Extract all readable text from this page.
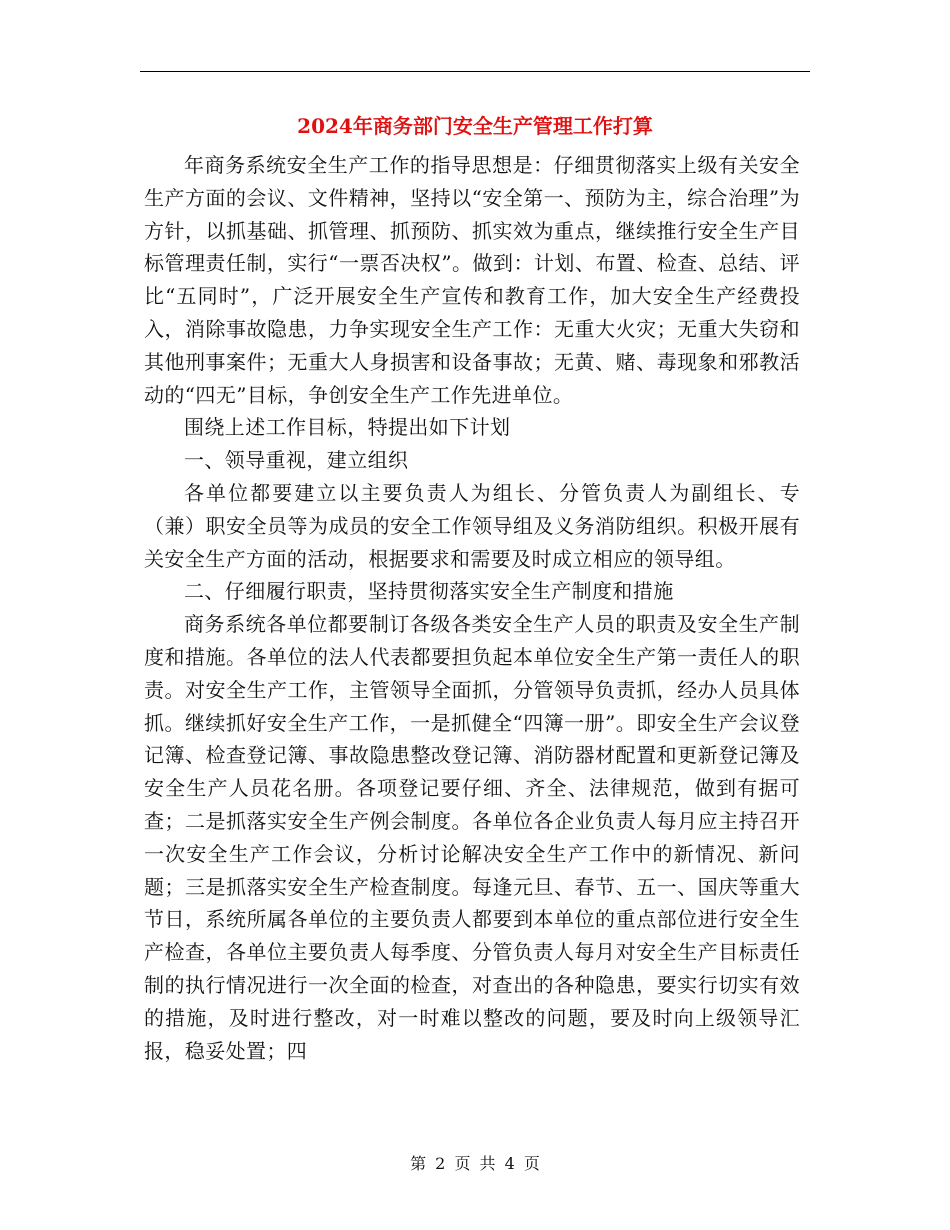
2024年商务部门安全生产管理工作打算

年商务系统安全生产工作的指导思想是：仔细贯彻落实上级有关安全生产方面的会议、文件精神，坚持以“安全第一、预防为主，综合治理”为方针，以抓基础、抓管理、抓预防、抓实效为重点，继续推行安全生产目标管理责任制，实行“一票否决权”。做到：计划、布置、检查、总结、评比“五同时”，广泛开展安全生产宣传和教育工作，加大安全生产经费投入，消除事故隐患，力争实现安全生产工作：无重大火灾；无重大失窃和其他刑事案件；无重大人身损害和设备事故；无黄、赌、毒现象和邪教活动的“四无”目标，争创安全生产工作先进单位。

围绕上述工作目标，特提出如下计划

一、领导重视，建立组织

各单位都要建立以主要负责人为组长、分管负责人为副组长、专（兼）职安全员等为成员的安全工作领导组及义务消防组织。积极开展有关安全生产方面的活动，根据要求和需要及时成立相应的领导组。

二、仔细履行职责，坚持贯彻落实安全生产制度和措施

商务系统各单位都要制订各级各类安全生产人员的职责及安全生产制度和措施。各单位的法人代表都要担负起本单位安全生产第一责任人的职责。对安全生产工作，主管领导全面抓，分管领导负责抓，经办人员具体抓。继续抓好安全生产工作，一是抓健全“四簿一册”。即安全生产会议登记簿、检查登记簿、事故隐患整改登记簿、消防器材配置和更新登记簿及安全生产人员花名册。各项登记要仔细、齐全、法律规范，做到有据可查；二是抓落实安全生产例会制度。各单位各企业负责人每月应主持召开一次安全生产工作会议，分析讨论解决安全生产工作中的新情况、新问题；三是抓落实安全生产检查制度。每逢元旦、春节、五一、国庆等重大节日，系统所属各单位的主要负责人都要到本单位的重点部位进行安全生产检查，各单位主要负责人每季度、分管负责人每月对安全生产目标责任制的执行情况进行一次全面的检查，对查出的各种隐患，要实行切实有效的措施，及时进行整改，对一时难以整改的问题，要及时向上级领导汇报，稳妥处置；四

第 2 页 共 4 页
